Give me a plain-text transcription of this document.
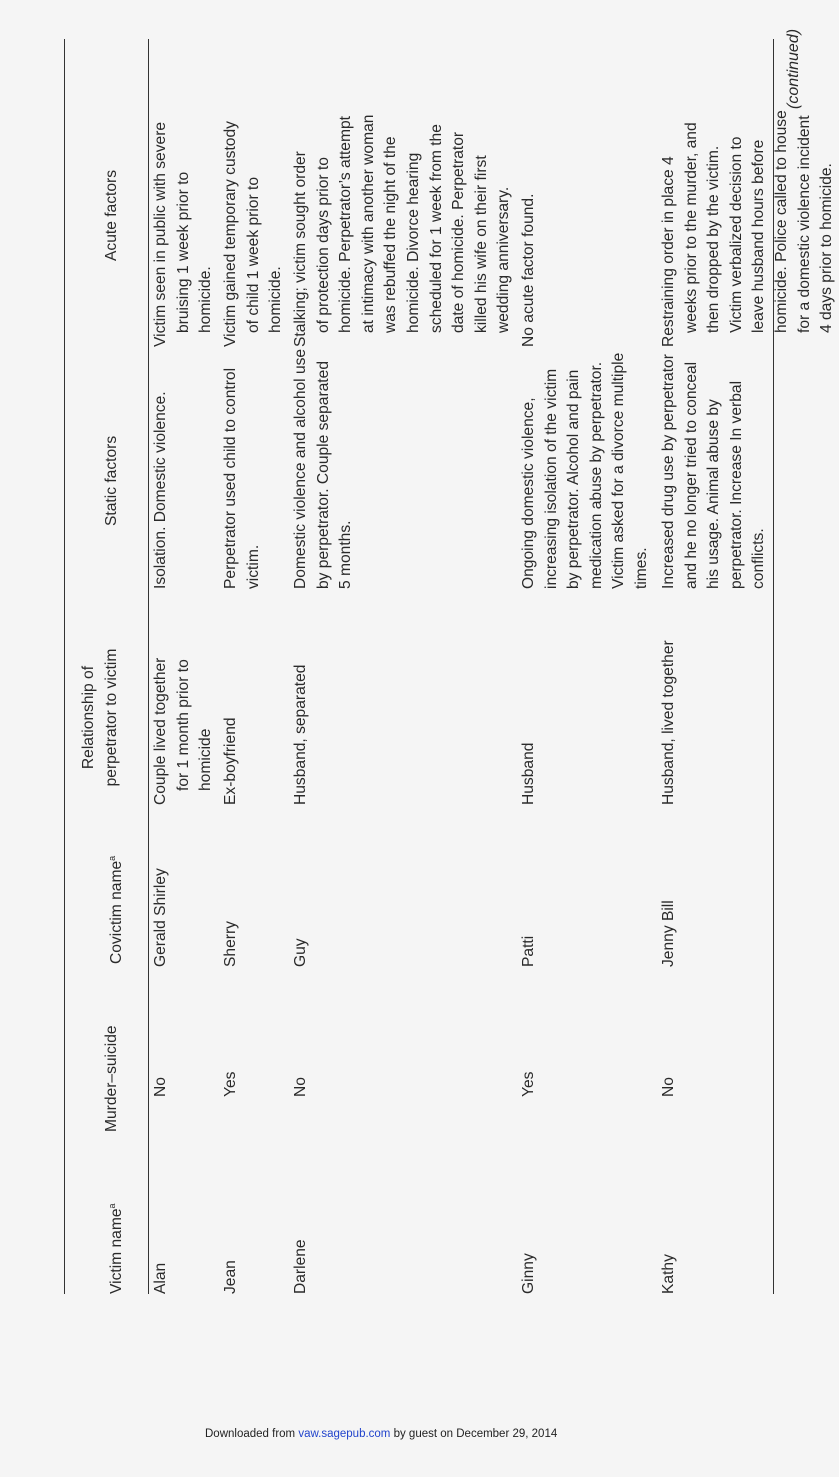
Victim name$^a$
Murder–suicide
Covictim name$^a$
Relationship of perpetrator to victim
Static factors
Acute factors
Alan
No
Gerald Shirley
Couple lived together for 1 month prior to homicide
Isolation. Domestic violence.
Victim seen in public with severe bruising 1 week prior to homicide.
Jean
Yes
Sherry
Ex-boyfriend
Perpetrator used child to control victim.
Victim gained temporary custody of child 1 week prior to homicide.
Darlene
No
Guy
Husband, separated
Domestic violence and alcohol use by perpetrator. Couple separated 5 months.
Stalking; victim sought order of protection days prior to homicide. Perpetrator’s attempt at intimacy with another woman was rebuffed the night of the homicide. Divorce hearing scheduled for 1 week from the date of homicide. Perpetrator killed his wife on their first wedding anniversary.
Ginny
Yes
Patti
Husband
Ongoing domestic violence, increasing isolation of the victim by perpetrator. Alcohol and pain medication abuse by perpetrator. Victim asked for a divorce multiple times.
No acute factor found.
Kathy
No
Jenny Bill
Husband, lived together
Increased drug use by perpetrator and he no longer tried to conceal his usage. Animal abuse by perpetrator. Increase In verbal conflicts.
Restraining order in place 4 weeks prior to the murder, and then dropped by the victim. Victim verbalized decision to leave husband hours before homicide. Police called to house for a domestic violence incident 4 days prior to homicide.
(continued)
Downloaded from vaw.sagepub.com by guest on December 29, 2014
